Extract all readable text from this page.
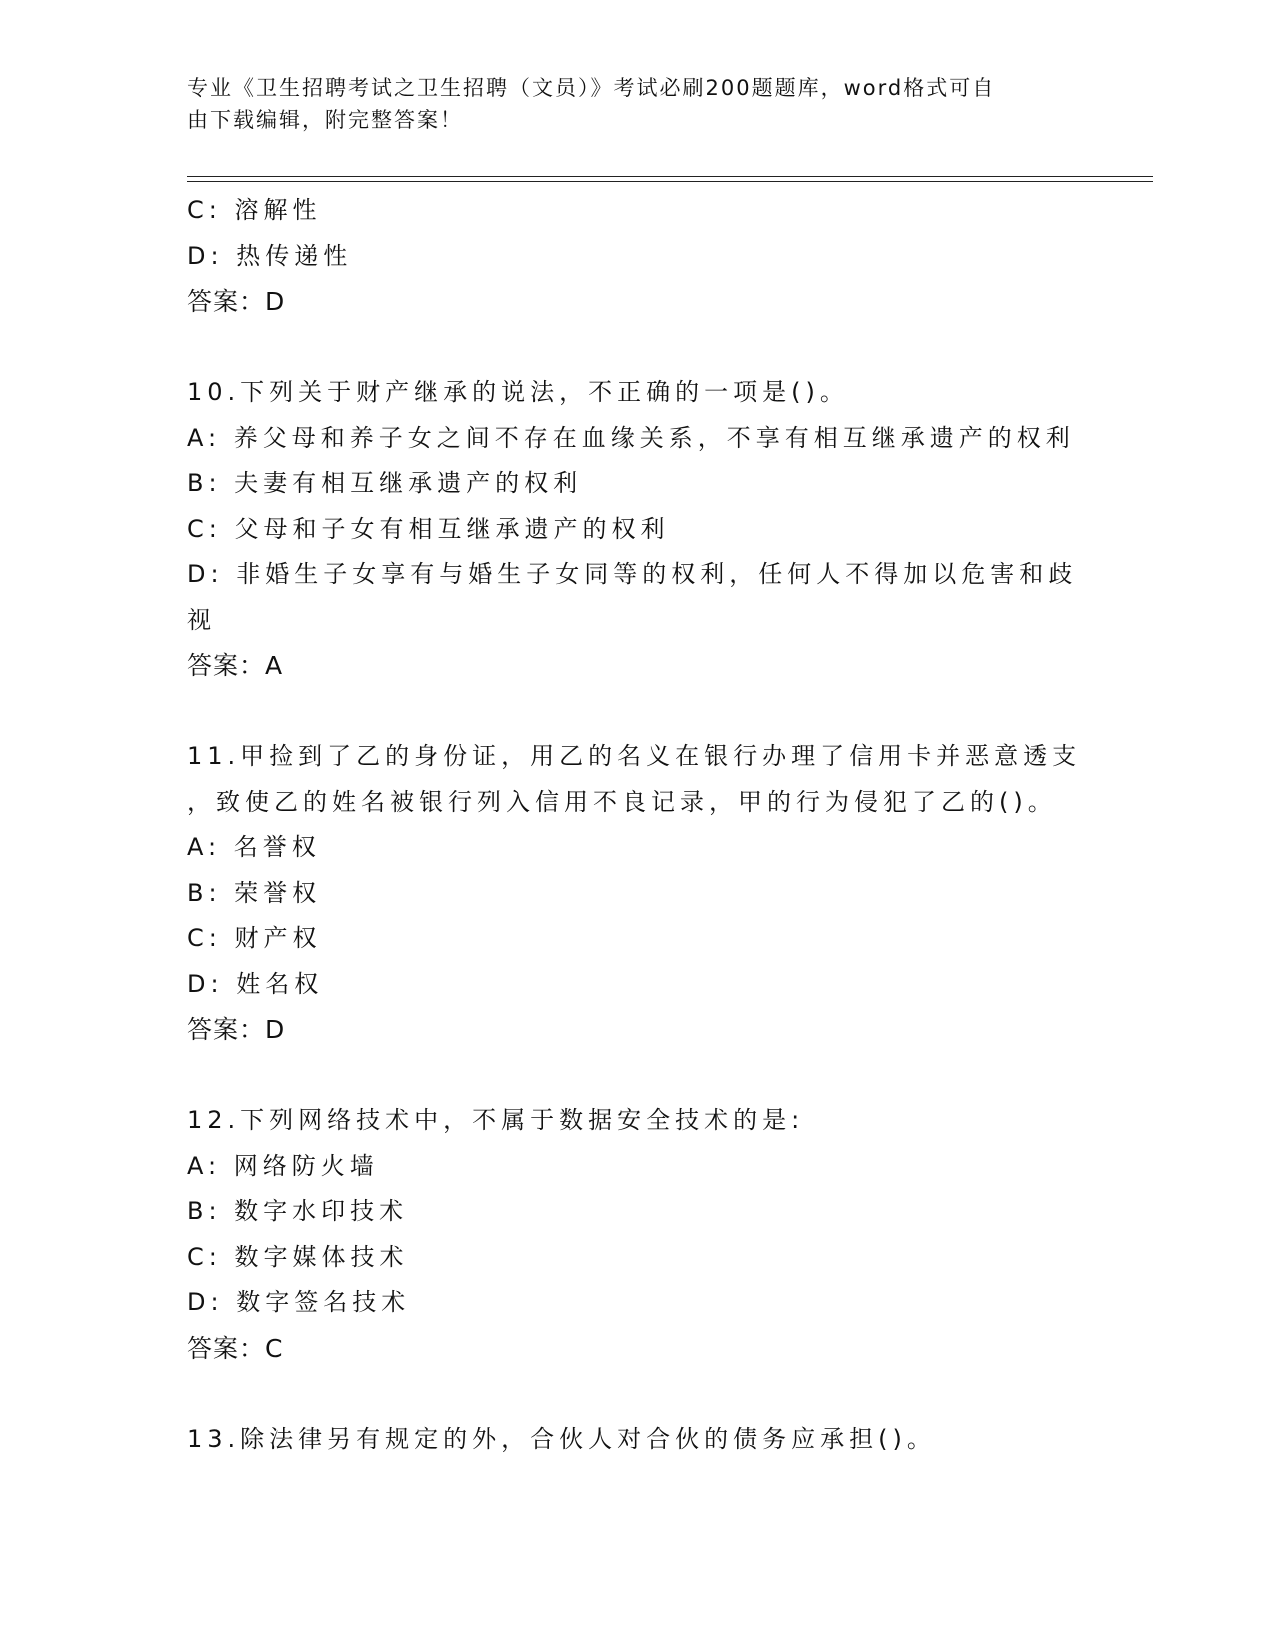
专业《卫生招聘考试之卫生招聘（文员）》考试必刷200题题库，word格式可自
由下载编辑，附完整答案！
C: 溶解性
D: 热传递性
答案：D
10.下列关于财产继承的说法，不正确的一项是()。
A: 养父母和养子女之间不存在血缘关系，不享有相互继承遗产的权利
B: 夫妻有相互继承遗产的权利
C: 父母和子女有相互继承遗产的权利
D: 非婚生子女享有与婚生子女同等的权利，任何人不得加以危害和歧
视
答案：A
11.甲捡到了乙的身份证，用乙的名义在银行办理了信用卡并恶意透支
，致使乙的姓名被银行列入信用不良记录，甲的行为侵犯了乙的()。
A: 名誉权
B: 荣誉权
C: 财产权
D: 姓名权
答案：D
12.下列网络技术中，不属于数据安全技术的是:
A: 网络防火墙
B: 数字水印技术
C: 数字媒体技术
D: 数字签名技术
答案：C
13.除法律另有规定的外，合伙人对合伙的债务应承担()。
